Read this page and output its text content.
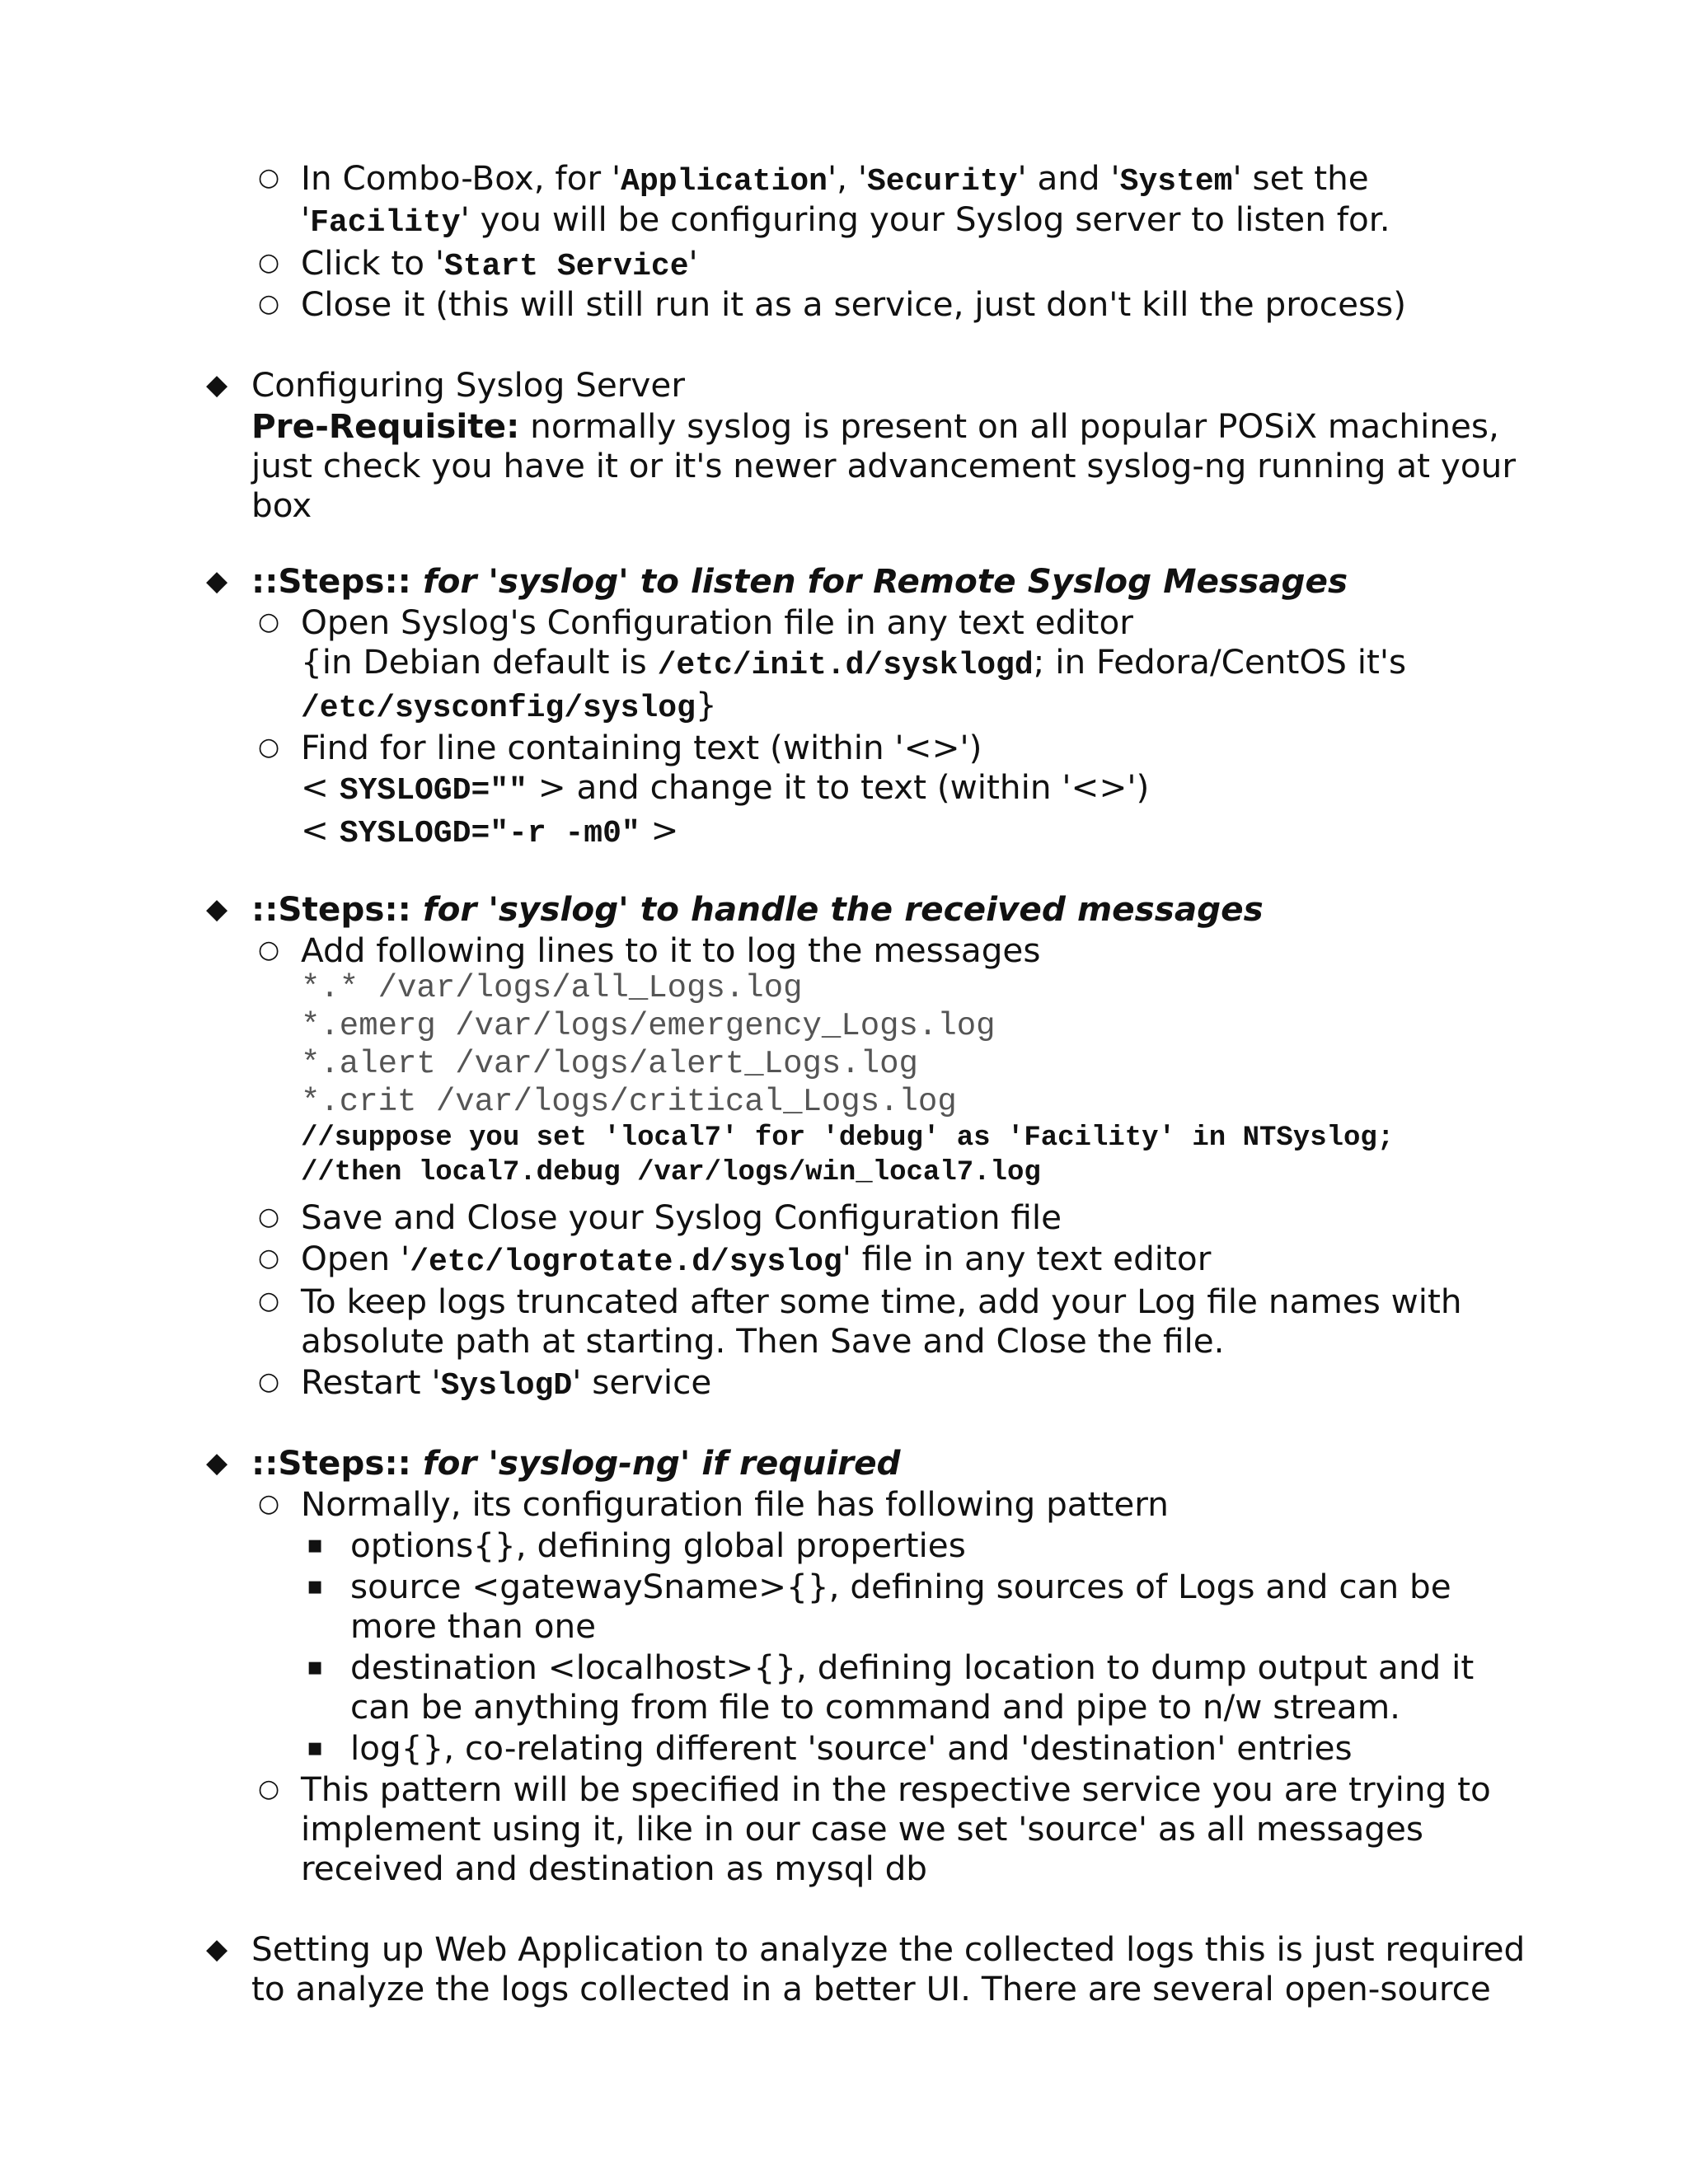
○ In Combo-Box, for 'Application', 'Security' and 'System' set the
'Facility' you will be configuring your Syslog server to listen for.
○ Click to 'Start Service'
○ Close it (this will still run it as a service, just don't kill the process)
◆ Configuring Syslog Server
Pre-Requisite: normally syslog is present on all popular POSiX machines,
just check you have it or it's newer advancement syslog-ng running at your
box
◆ ::Steps:: for 'syslog' to listen for Remote Syslog Messages
○ Open Syslog's Configuration file in any text editor
{in Debian default is /etc/init.d/sysklogd; in Fedora/CentOS it's
/etc/sysconfig/syslog}
○ Find for line containing text (within '<>')
< SYSLOGD="" > and change it to text (within '<>')
< SYSLOGD="-r -m0" >
◆ ::Steps:: for 'syslog' to handle the received messages
○ Add following lines to it to log the messages
*.* /var/logs/all_Logs.log
*.emerg /var/logs/emergency_Logs.log
*.alert /var/logs/alert_Logs.log
*.crit /var/logs/critical_Logs.log
//suppose you set 'local7' for 'debug' as 'Facility' in NTSyslog;
//then local7.debug /var/logs/win_local7.log
○ Save and Close your Syslog Configuration file
○ Open '/etc/logrotate.d/syslog' file in any text editor
○ To keep logs truncated after some time, add your Log file names with
absolute path at starting. Then Save and Close the file.
○ Restart 'SyslogD' service
◆ ::Steps:: for 'syslog-ng' if required
○ Normally, its configuration file has following pattern
▪ options{}, defining global properties
▪ source <gatewaySname>{}, defining sources of Logs and can be
more than one
▪ destination <localhost>{}, defining location to dump output and it
can be anything from file to command and pipe to n/w stream.
▪ log{}, co-relating different 'source' and 'destination' entries
○ This pattern will be specified in the respective service you are trying to
implement using it, like in our case we set 'source' as all messages
received and destination as mysql db
◆ Setting up Web Application to analyze the collected logs this is just required
to analyze the logs collected in a better UI. There are several open-source
